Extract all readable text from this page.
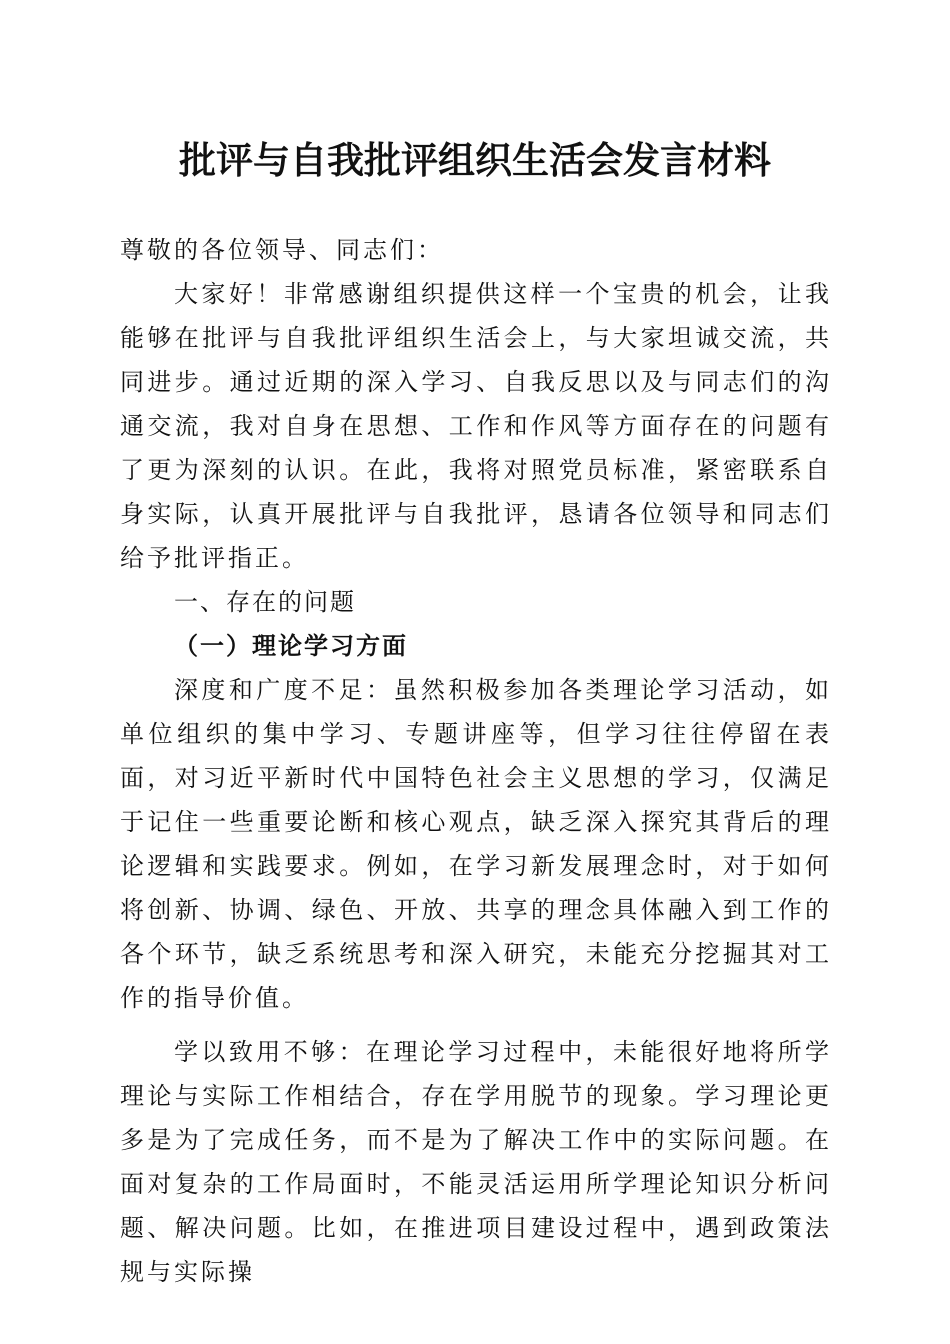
批评与自我批评组织生活会发言材料

尊敬的各位领导、同志们：

大家好！非常感谢组织提供这样一个宝贵的机会，让我能够在批评与自我批评组织生活会上，与大家坦诚交流，共同进步。通过近期的深入学习、自我反思以及与同志们的沟通交流，我对自身在思想、工作和作风等方面存在的问题有了更为深刻的认识。在此，我将对照党员标准，紧密联系自身实际，认真开展批评与自我批评，恳请各位领导和同志们给予批评指正。

一、存在的问题

（一）理论学习方面

深度和广度不足：虽然积极参加各类理论学习活动，如单位组织的集中学习、专题讲座等，但学习往往停留在表面，对习近平新时代中国特色社会主义思想的学习，仅满足于记住一些重要论断和核心观点，缺乏深入探究其背后的理论逻辑和实践要求。例如，在学习新发展理念时，对于如何将创新、协调、绿色、开放、共享的理念具体融入到工作的各个环节，缺乏系统思考和深入研究，未能充分挖掘其对工作的指导价值。

学以致用不够：在理论学习过程中，未能很好地将所学理论与实际工作相结合，存在学用脱节的现象。学习理论更多是为了完成任务，而不是为了解决工作中的实际问题。在面对复杂的工作局面时，不能灵活运用所学理论知识分析问题、解决问题。比如，在推进项目建设过程中，遇到政策法规与实际操
